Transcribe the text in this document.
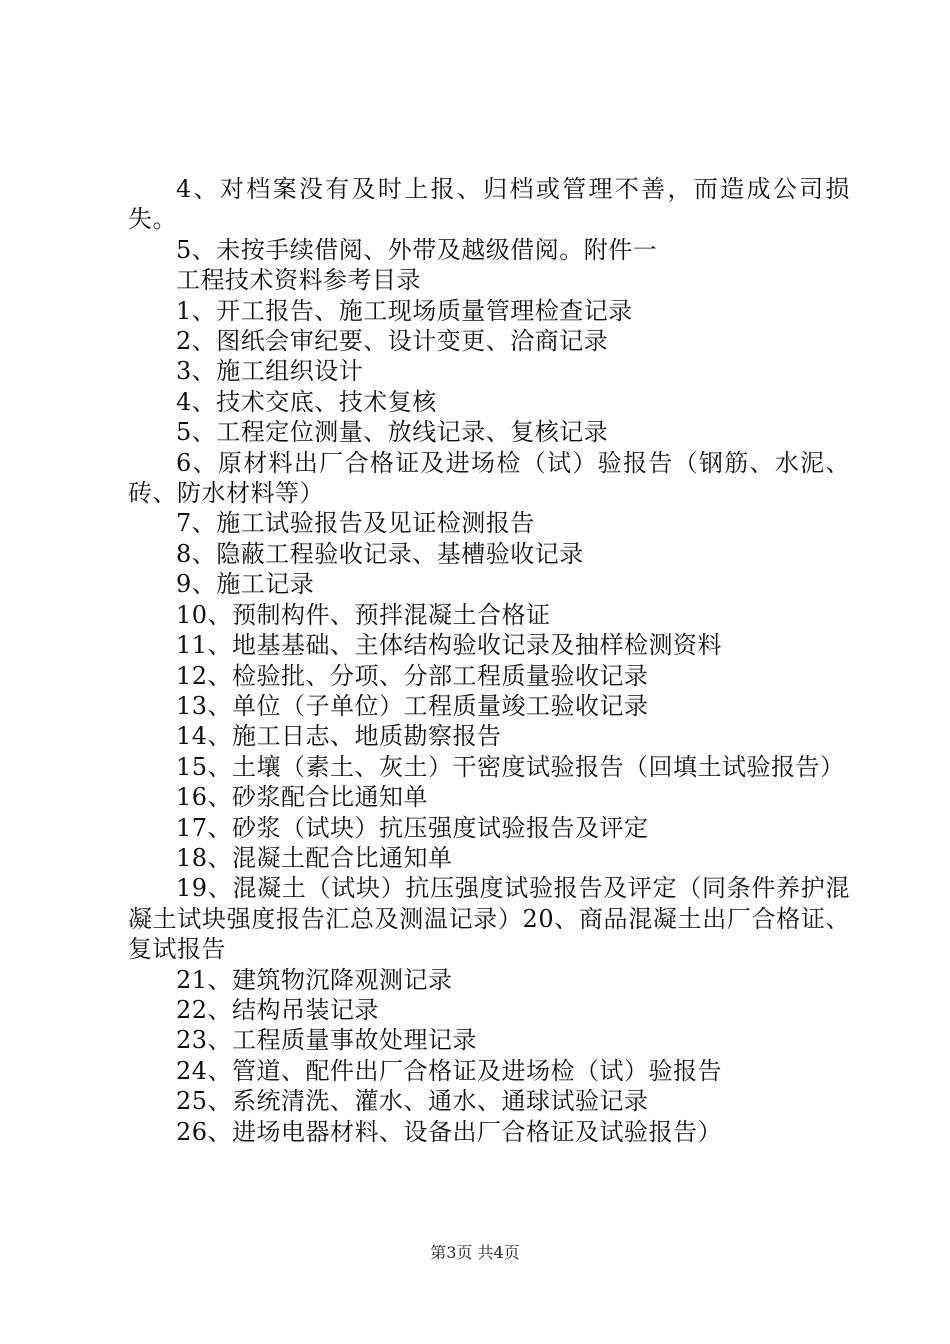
4、对档案没有及时上报、归档或管理不善，而造成公司损失。

5、未按手续借阅、外带及越级借阅。附件一

工程技术资料参考目录

1、开工报告、施工现场质量管理检查记录

2、图纸会审纪要、设计变更、洽商记录

3、施工组织设计

4、技术交底、技术复核

5、工程定位测量、放线记录、复核记录

6、原材料出厂合格证及进场检（试）验报告（钢筋、水泥、砖、防水材料等）

7、施工试验报告及见证检测报告

8、隐蔽工程验收记录、基槽验收记录

9、施工记录

10、预制构件、预拌混凝土合格证

11、地基基础、主体结构验收记录及抽样检测资料

12、检验批、分项、分部工程质量验收记录

13、单位（子单位）工程质量竣工验收记录

14、施工日志、地质勘察报告

15、土壤（素土、灰土）干密度试验报告（回填土试验报告）

16、砂浆配合比通知单

17、砂浆（试块）抗压强度试验报告及评定

18、混凝土配合比通知单

19、混凝土（试块）抗压强度试验报告及评定（同条件养护混凝土试块强度报告汇总及测温记录）20、商品混凝土出厂合格证、复试报告

21、建筑物沉降观测记录

22、结构吊装记录

23、工程质量事故处理记录

24、管道、配件出厂合格证及进场检（试）验报告

25、系统清洗、灌水、通水、通球试验记录

26、进场电器材料、设备出厂合格证及试验报告）

第3页 共4页
